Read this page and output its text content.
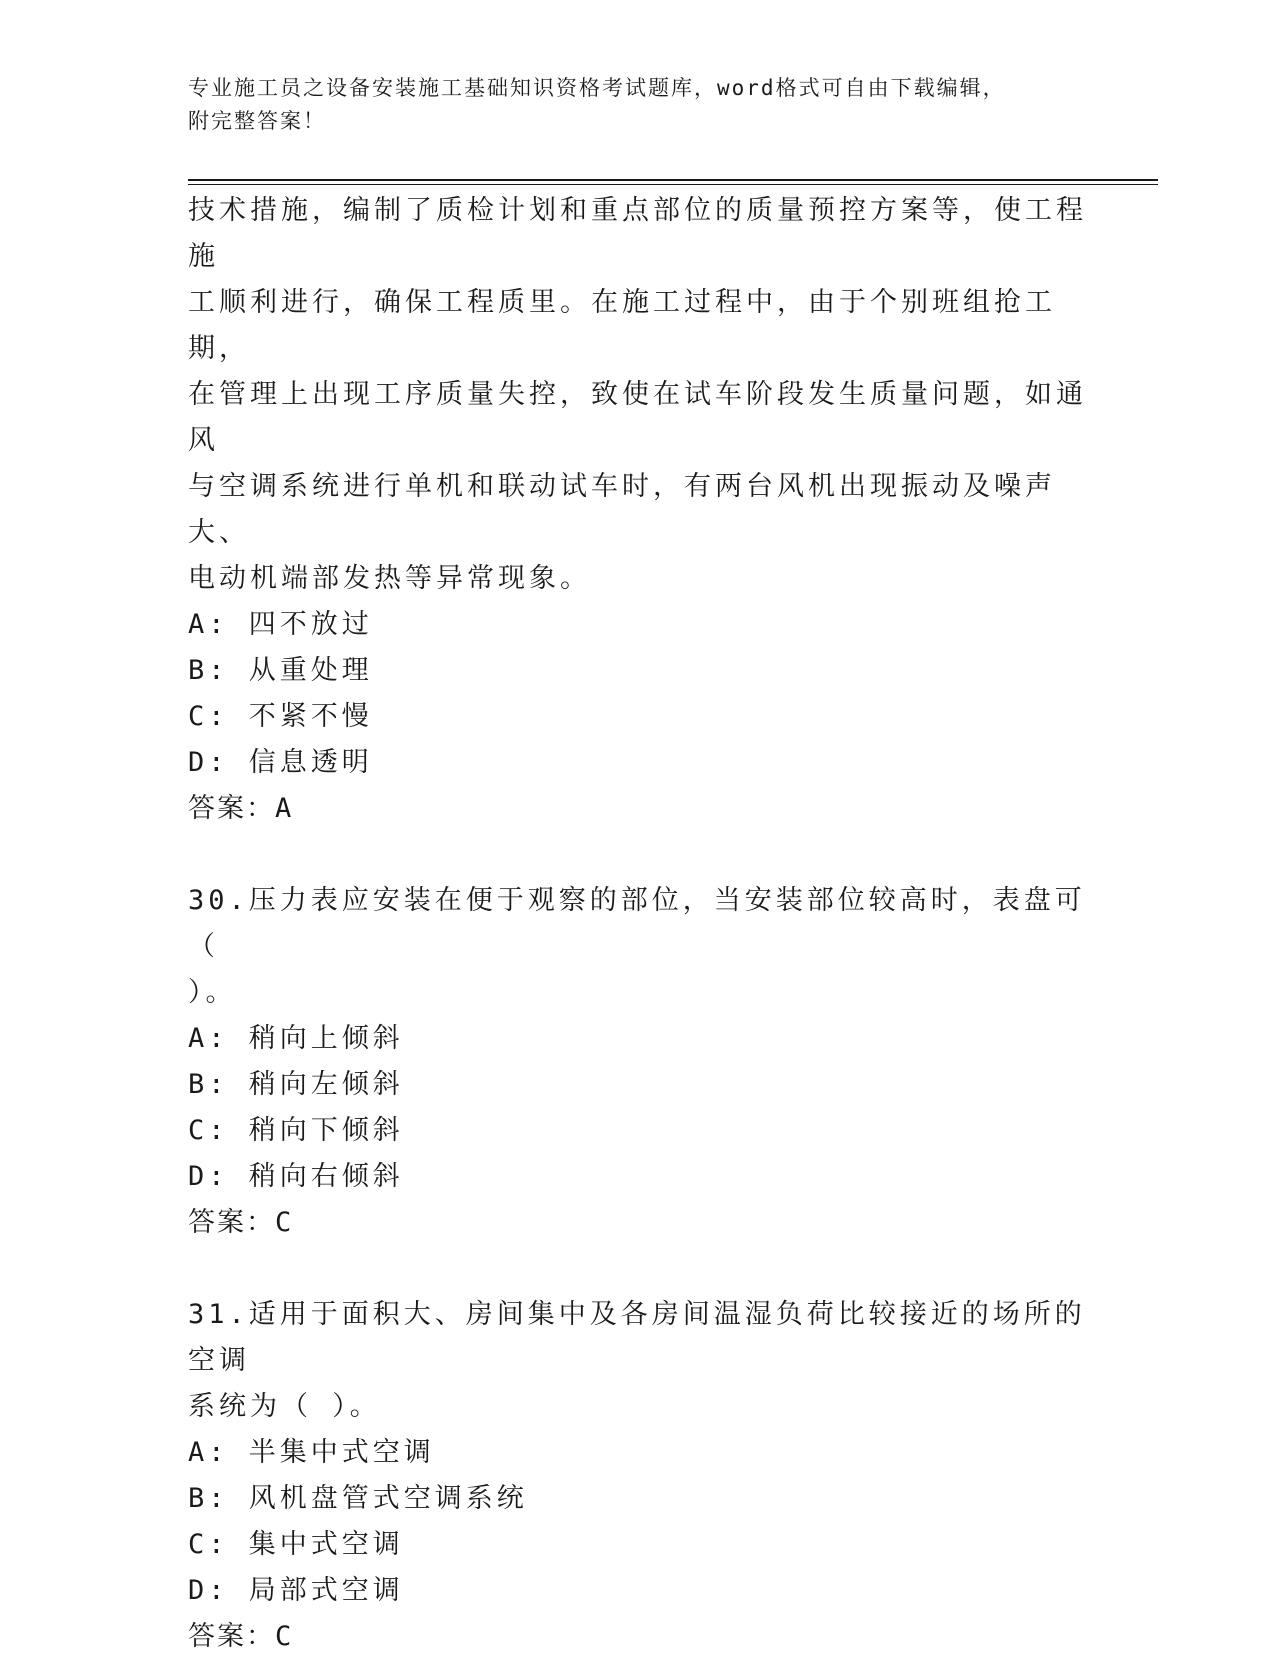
专业施工员之设备安装施工基础知识资格考试题库，word格式可自由下载编辑，
附完整答案！

技术措施，编制了质检计划和重点部位的质量预控方案等，使工程施

工顺利进行，确保工程质里。在施工过程中，由于个别班组抢工期，

在管理上出现工序质量失控，致使在试车阶段发生质量问题，如通风

与空调系统进行单机和联动试车时，有两台风机出现振动及噪声大、

电动机端部发热等异常现象。

A: 四不放过

B: 从重处理

C: 不紧不慢

D: 信息透明

答案：A

30.压力表应安装在便于观察的部位，当安装部位较高时，表盘可（

）。

A: 稍向上倾斜

B: 稍向左倾斜

C: 稍向下倾斜

D: 稍向右倾斜

答案：C

31.适用于面积大、房间集中及各房间温湿负荷比较接近的场所的空调

系统为（ ）。

A: 半集中式空调

B: 风机盘管式空调系统

C: 集中式空调

D: 局部式空调

答案：C
